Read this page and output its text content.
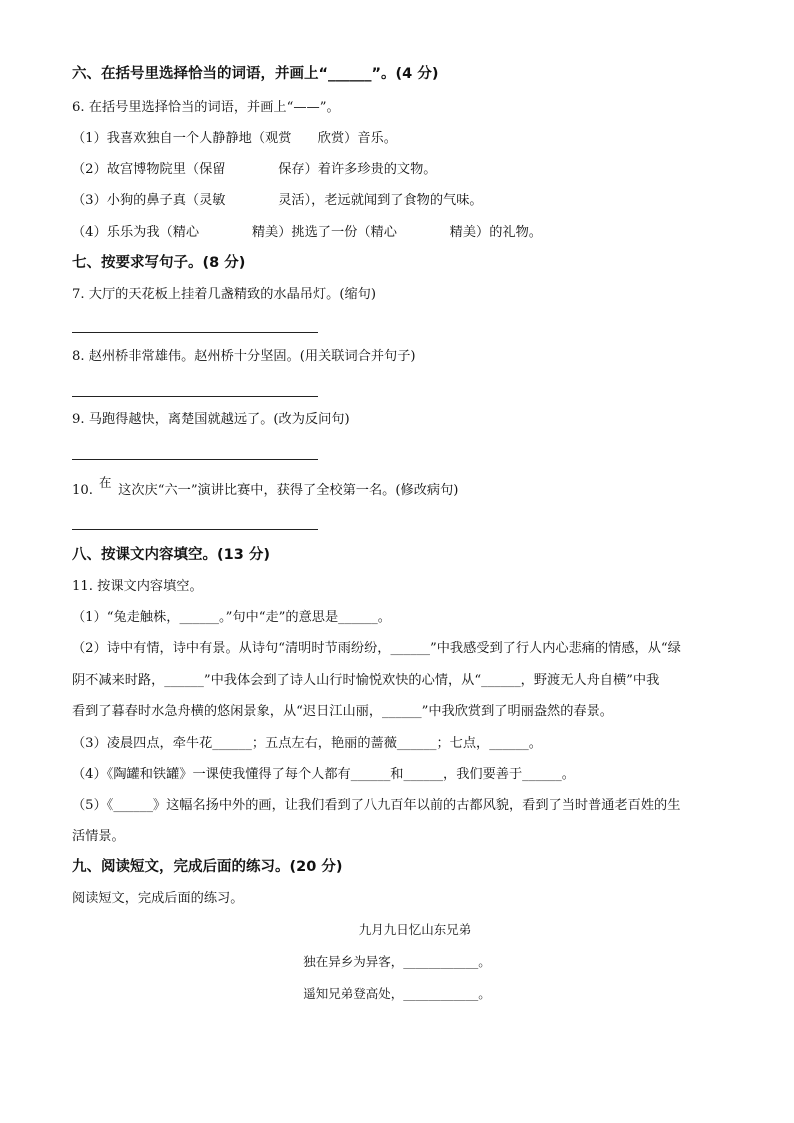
六、在括号里选择恰当的词语，并画上“______”。(4 分)
6. 在括号里选择恰当的词语，并画上“——”。
（1）我喜欢独自一个人静静地（观赏　　欣赏）音乐。
（2）故宫博物院里（保留　　　　保存）着许多珍贵的文物。
（3）小狗的鼻子真（灵敏　　　　灵活），老远就闻到了食物的气味。
（4）乐乐为我（精心　　　　精美）挑选了一份（精心　　　　精美）的礼物。
七、按要求写句子。(8 分)
7. 大厅的天花板上挂着几盏精致的水晶吊灯。(缩句)
8. 赵州桥非常雄伟。赵州桥十分坚固。(用关联词合并句子)
9. 马跑得越快，离楚国就越远了。(改为反问句)
10. 这次庆“六一”演讲比赛中，获得了全校第一名。(修改病句)
在
八、按课文内容填空。(13 分)
11. 按课文内容填空。
（1）“兔走触株，______。”句中“走”的意思是______。
（2）诗中有情，诗中有景。从诗句“清明时节雨纷纷，______”中我感受到了行人内心悲痛的情感，从“绿
阴不减来时路，______”中我体会到了诗人山行时愉悦欢快的心情，从“______，野渡无人舟自横”中我
看到了暮春时水急舟横的悠闲景象，从“迟日江山丽，______”中我欣赏到了明丽盎然的春景。
（3）凌晨四点，牵牛花______；五点左右，艳丽的蔷薇______；七点，______。
（4）《陶罐和铁罐》一课使我懂得了每个人都有______和______，我们要善于______。
（5）《______》这幅名扬中外的画，让我们看到了八九百年以前的古都风貌，看到了当时普通老百姓的生
活情景。
九、阅读短文，完成后面的练习。(20 分)
阅读短文，完成后面的练习。
九月九日忆山东兄弟
独在异乡为异客，____________。
遥知兄弟登高处，____________。
